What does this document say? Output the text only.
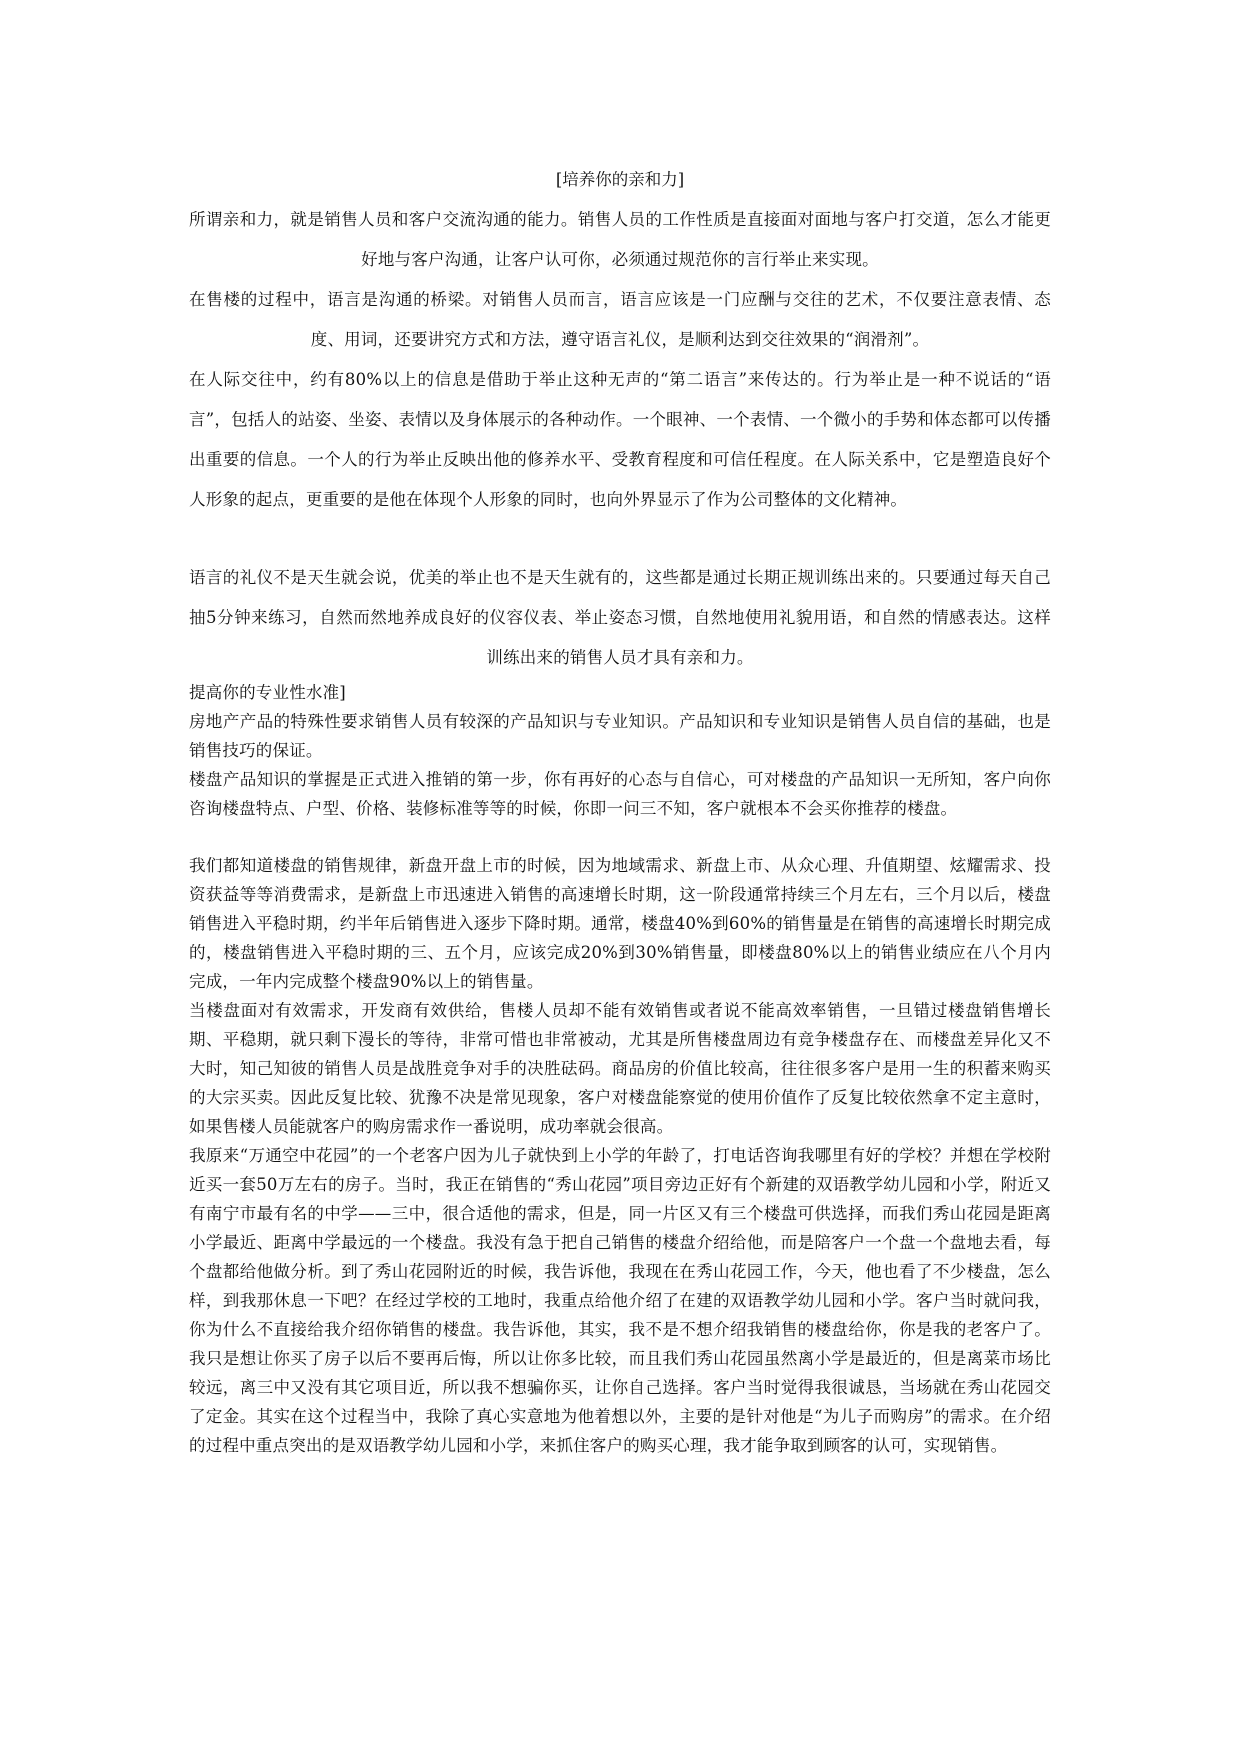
[培养你的亲和力]

所谓亲和力，就是销售人员和客户交流沟通的能力。销售人员的工作性质是直接面对面地与客户打交道，怎么才能更好地与客户沟通，让客户认可你，必须通过规范你的言行举止来实现。

在售楼的过程中，语言是沟通的桥梁。对销售人员而言，语言应该是一门应酬与交往的艺术，不仅要注意表情、态度、用词，还要讲究方式和方法，遵守语言礼仪，是顺利达到交往效果的“润滑剂”。

在人际交往中，约有80%以上的信息是借助于举止这种无声的“第二语言”来传达的。行为举止是一种不说话的“语言”，包括人的站姿、坐姿、表情以及身体展示的各种动作。一个眼神、一个表情、一个微小的手势和体态都可以传播出重要的信息。一个人的行为举止反映出他的修养水平、受教育程度和可信任程度。在人际关系中，它是塑造良好个人形象的起点，更重要的是他在体现个人形象的同时，也向外界显示了作为公司整体的文化精神。

语言的礼仪不是天生就会说，优美的举止也不是天生就有的，这些都是通过长期正规训练出来的。只要通过每天自己抽5分钟来练习，自然而然地养成良好的仪容仪表、举止姿态习惯，自然地使用礼貌用语，和自然的情感表达。这样训练出来的销售人员才具有亲和力。

提高你的专业性水准]

房地产产品的特殊性要求销售人员有较深的产品知识与专业知识。产品知识和专业知识是销售人员自信的基础，也是销售技巧的保证。

楼盘产品知识的掌握是正式进入推销的第一步，你有再好的心态与自信心，可对楼盘的产品知识一无所知，客户向你咨询楼盘特点、户型、价格、装修标准等等的时候，你即一问三不知，客户就根本不会买你推荐的楼盘。

我们都知道楼盘的销售规律，新盘开盘上市的时候，因为地域需求、新盘上市、从众心理、升值期望、炫耀需求、投资获益等等消费需求，是新盘上市迅速进入销售的高速增长时期，这一阶段通常持续三个月左右，三个月以后，楼盘销售进入平稳时期，约半年后销售进入逐步下降时期。通常，楼盘40%到60%的销售量是在销售的高速增长时期完成的，楼盘销售进入平稳时期的三、五个月，应该完成20%到30%销售量，即楼盘80%以上的销售业绩应在八个月内完成，一年内完成整个楼盘90%以上的销售量。

当楼盘面对有效需求，开发商有效供给，售楼人员却不能有效销售或者说不能高效率销售，一旦错过楼盘销售增长期、平稳期，就只剩下漫长的等待，非常可惜也非常被动，尤其是所售楼盘周边有竞争楼盘存在、而楼盘差异化又不大时，知己知彼的销售人员是战胜竞争对手的决胜砝码。商品房的价值比较高，往往很多客户是用一生的积蓄来购买的大宗买卖。因此反复比较、犹豫不决是常见现象，客户对楼盘能察觉的使用价值作了反复比较依然拿不定主意时，如果售楼人员能就客户的购房需求作一番说明，成功率就会很高。

我原来“万通空中花园”的一个老客户因为儿子就快到上小学的年龄了，打电话咨询我哪里有好的学校？并想在学校附近买一套50万左右的房子。当时，我正在销售的“秀山花园”项目旁边正好有个新建的双语教学幼儿园和小学，附近又有南宁市最有名的中学——三中，很合适他的需求，但是，同一片区又有三个楼盘可供选择，而我们秀山花园是距离小学最近、距离中学最远的一个楼盘。我没有急于把自己销售的楼盘介绍给他，而是陪客户一个盘一个盘地去看，每个盘都给他做分析。到了秀山花园附近的时候，我告诉他，我现在在秀山花园工作，今天，他也看了不少楼盘，怎么样，到我那休息一下吧？在经过学校的工地时，我重点给他介绍了在建的双语教学幼儿园和小学。客户当时就问我，你为什么不直接给我介绍你销售的楼盘。我告诉他，其实，我不是不想介绍我销售的楼盘给你，你是我的老客户了。我只是想让你买了房子以后不要再后悔，所以让你多比较，而且我们秀山花园虽然离小学是最近的，但是离菜市场比较远，离三中又没有其它项目近，所以我不想骗你买，让你自己选择。客户当时觉得我很诚恳，当场就在秀山花园交了定金。其实在这个过程当中，我除了真心实意地为他着想以外，主要的是针对他是“为儿子而购房”的需求。在介绍的过程中重点突出的是双语教学幼儿园和小学，来抓住客户的购买心理，我才能争取到顾客的认可，实现销售。
